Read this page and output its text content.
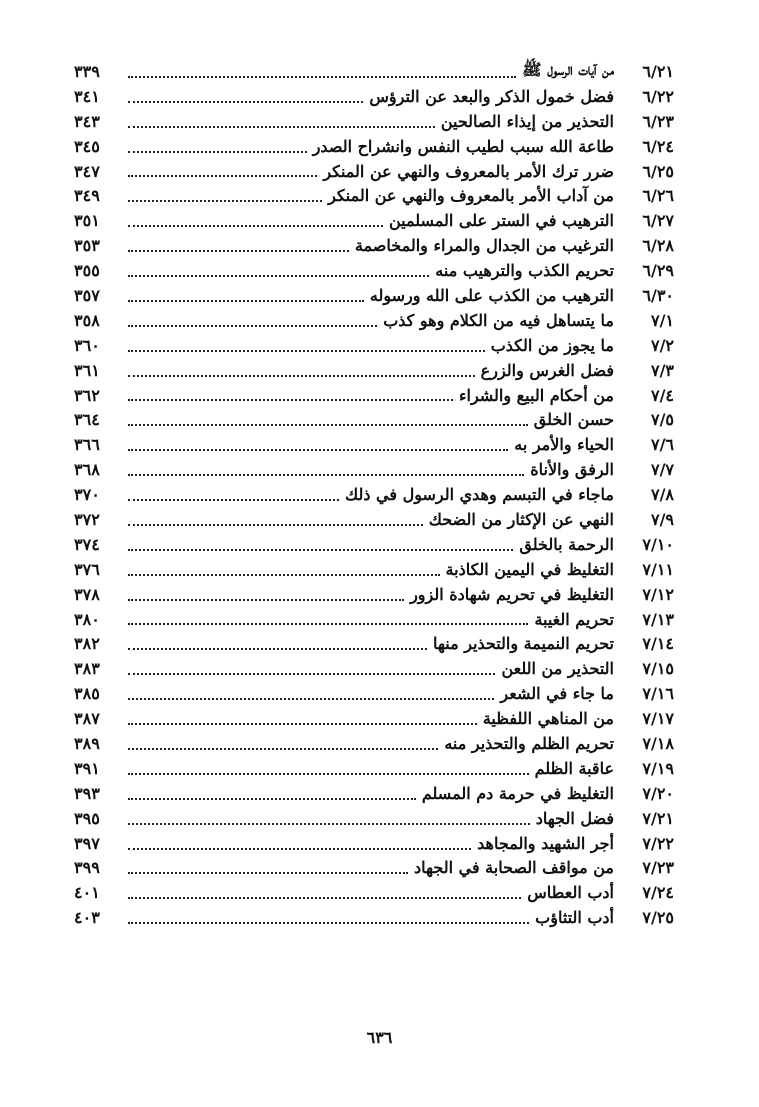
٦/٢١
من آيات الرسول ﷺ
٣٣٩
٦/٢٢
فضل خمول الذكر والبعد عن الترؤس
٣٤١
٦/٢٣
التحذير من إيذاء الصالحين
٣٤٣
٦/٢٤
طاعة الله سبب لطيب النفس وانشراح الصدر
٣٤٥
٦/٢٥
ضرر ترك الأمر بالمعروف والنهي عن المنكر
٣٤٧
٦/٢٦
من آداب الأمر بالمعروف والنهي عن المنكر
٣٤٩
٦/٢٧
الترهيب في الستر على المسلمين
٣٥١
٦/٢٨
الترغيب من الجدال والمراء والمخاصمة
٣٥٣
٦/٢٩
تحريم الكذب والترهيب منه
٣٥٥
٦/٣٠
الترهيب من الكذب على الله ورسوله
٣٥٧
٧/١
ما يتساهل فيه من الكلام وهو كذب
٣٥٨
٧/٢
ما يجوز من الكذب
٣٦٠
٧/٣
فضل الغرس والزرع
٣٦١
٧/٤
من أحكام البيع والشراء
٣٦٢
٧/٥
حسن الخلق
٣٦٤
٧/٦
الحياء والأمر به
٣٦٦
٧/٧
الرفق والأناة
٣٦٨
٧/٨
ماجاء في التبسم وهدي الرسول في ذلك
٣٧٠
٧/٩
النهي عن الإكثار من الضحك
٣٧٢
٧/١٠
الرحمة بالخلق
٣٧٤
٧/١١
التغليظ في اليمين الكاذبة
٣٧٦
٧/١٢
التغليظ في تحريم شهادة الزور
٣٧٨
٧/١٣
تحريم الغيبة
٣٨٠
٧/١٤
تحريم النميمة والتحذير منها
٣٨٢
٧/١٥
التحذير من اللعن
٣٨٣
٧/١٦
ما جاء في الشعر
٣٨٥
٧/١٧
من المناهي اللفظية
٣٨٧
٧/١٨
تحريم الظلم والتحذير منه
٣٨٩
٧/١٩
عاقبة الظلم
٣٩١
٧/٢٠
التغليظ في حرمة دم المسلم
٣٩٣
٧/٢١
فضل الجهاد
٣٩٥
٧/٢٢
أجر الشهيد والمجاهد
٣٩٧
٧/٢٣
من مواقف الصحابة في الجهاد
٣٩٩
٧/٢٤
أدب العطاس
٤٠١
٧/٢٥
أدب التثاؤب
٤٠٣
٦٣٦
